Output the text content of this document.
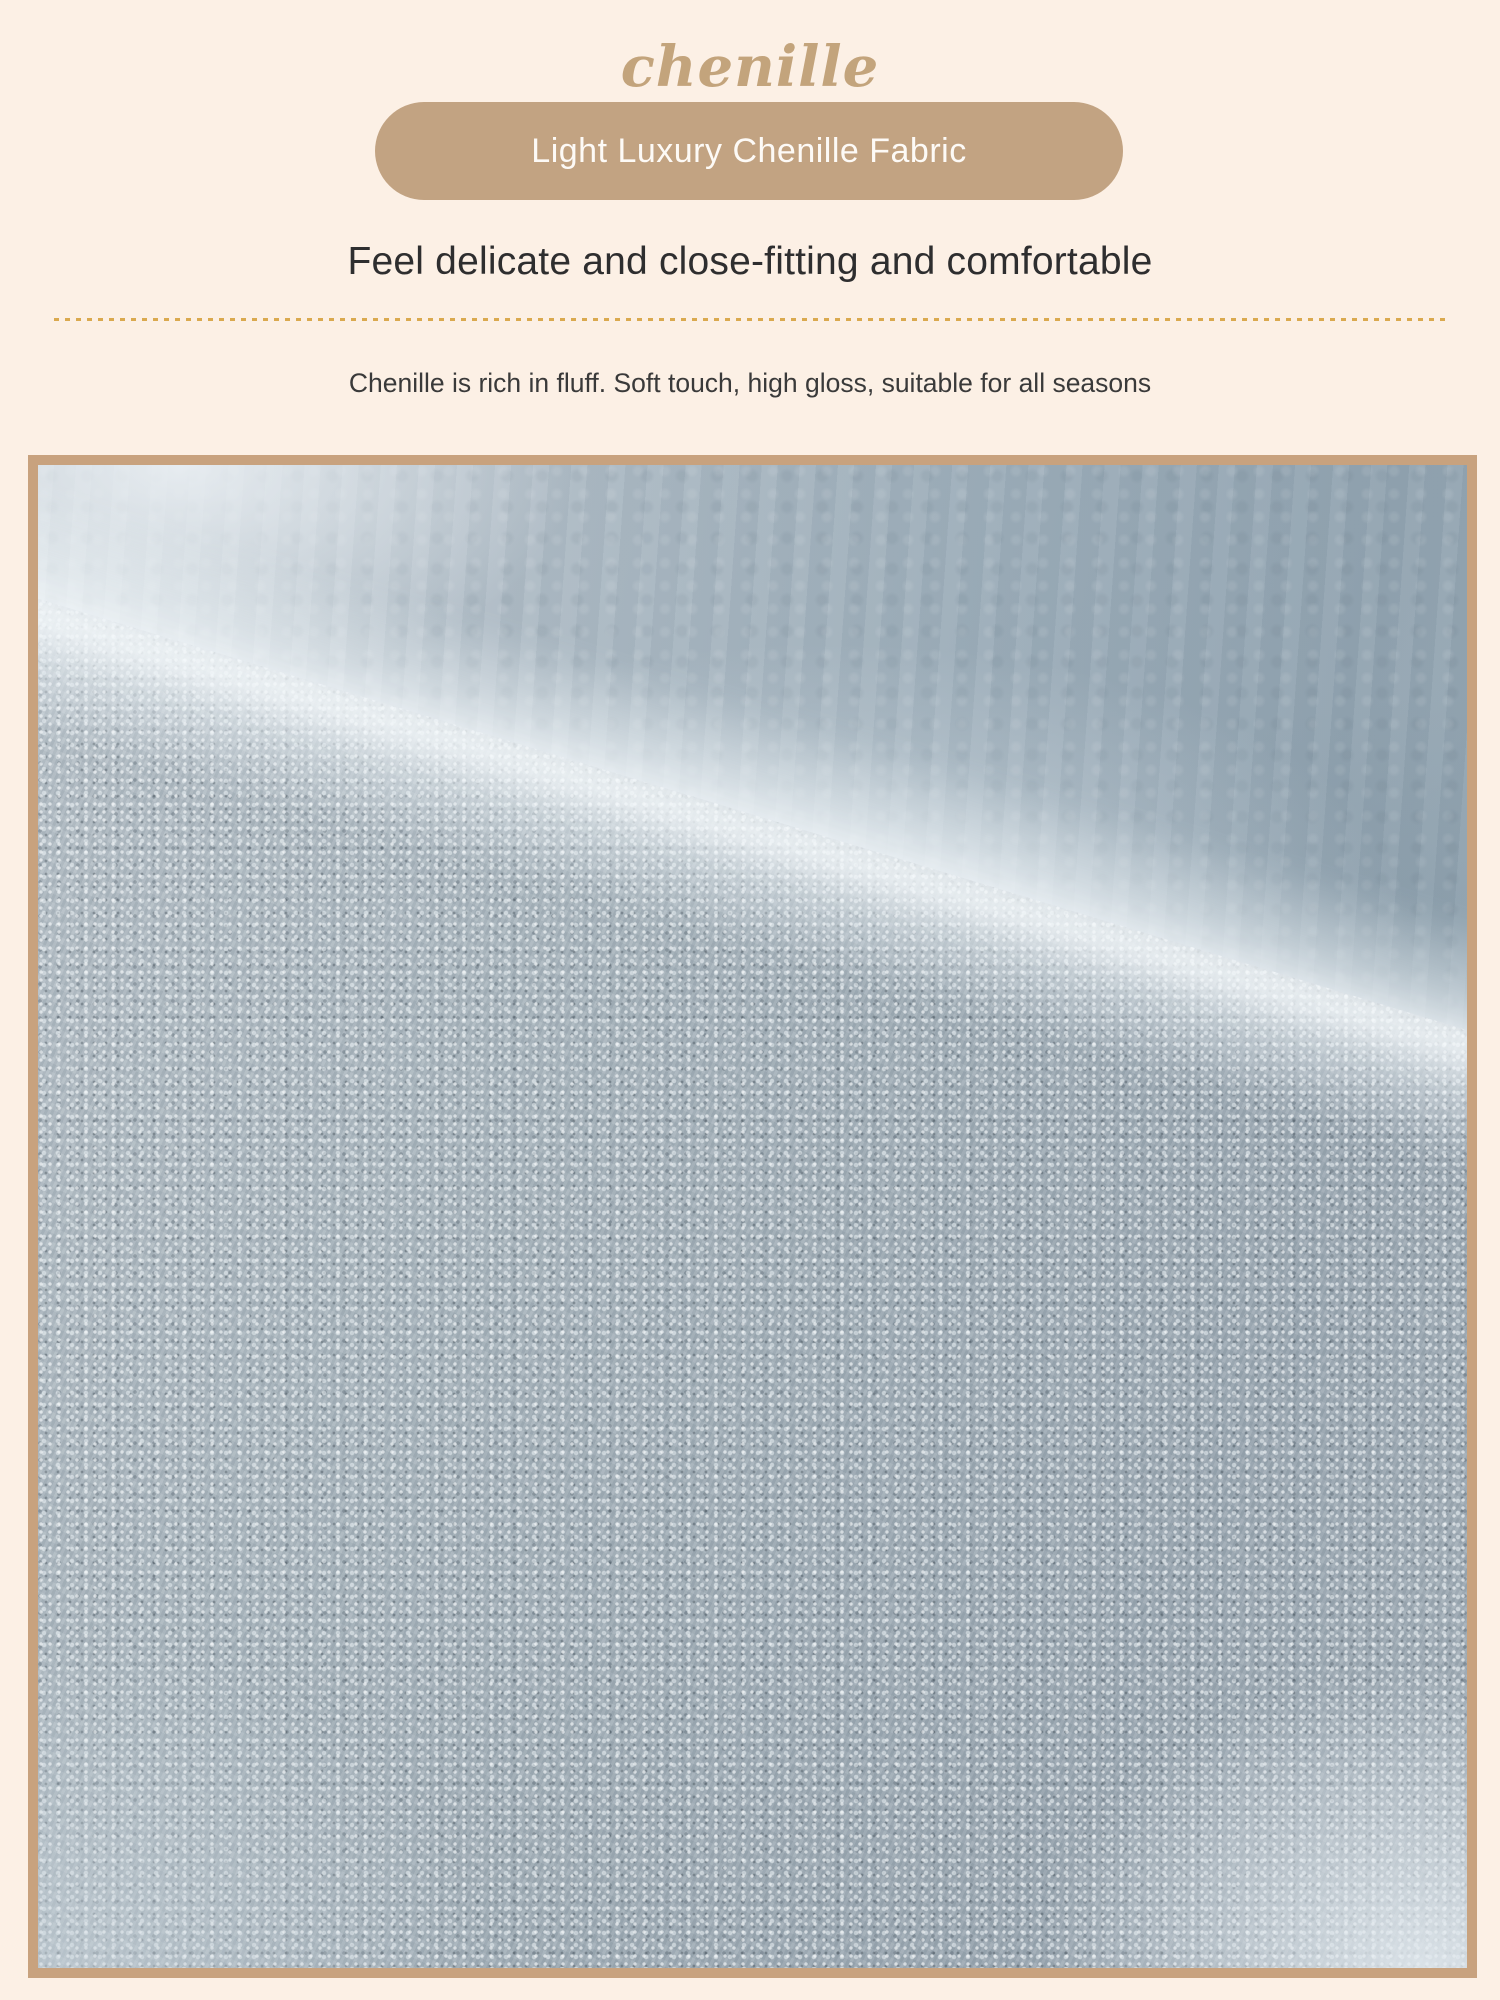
chenille
Light Luxury Chenille Fabric
Feel delicate and close-fitting and comfortable
Chenille is rich in fluff. Soft touch, high gloss, suitable for all seasons
